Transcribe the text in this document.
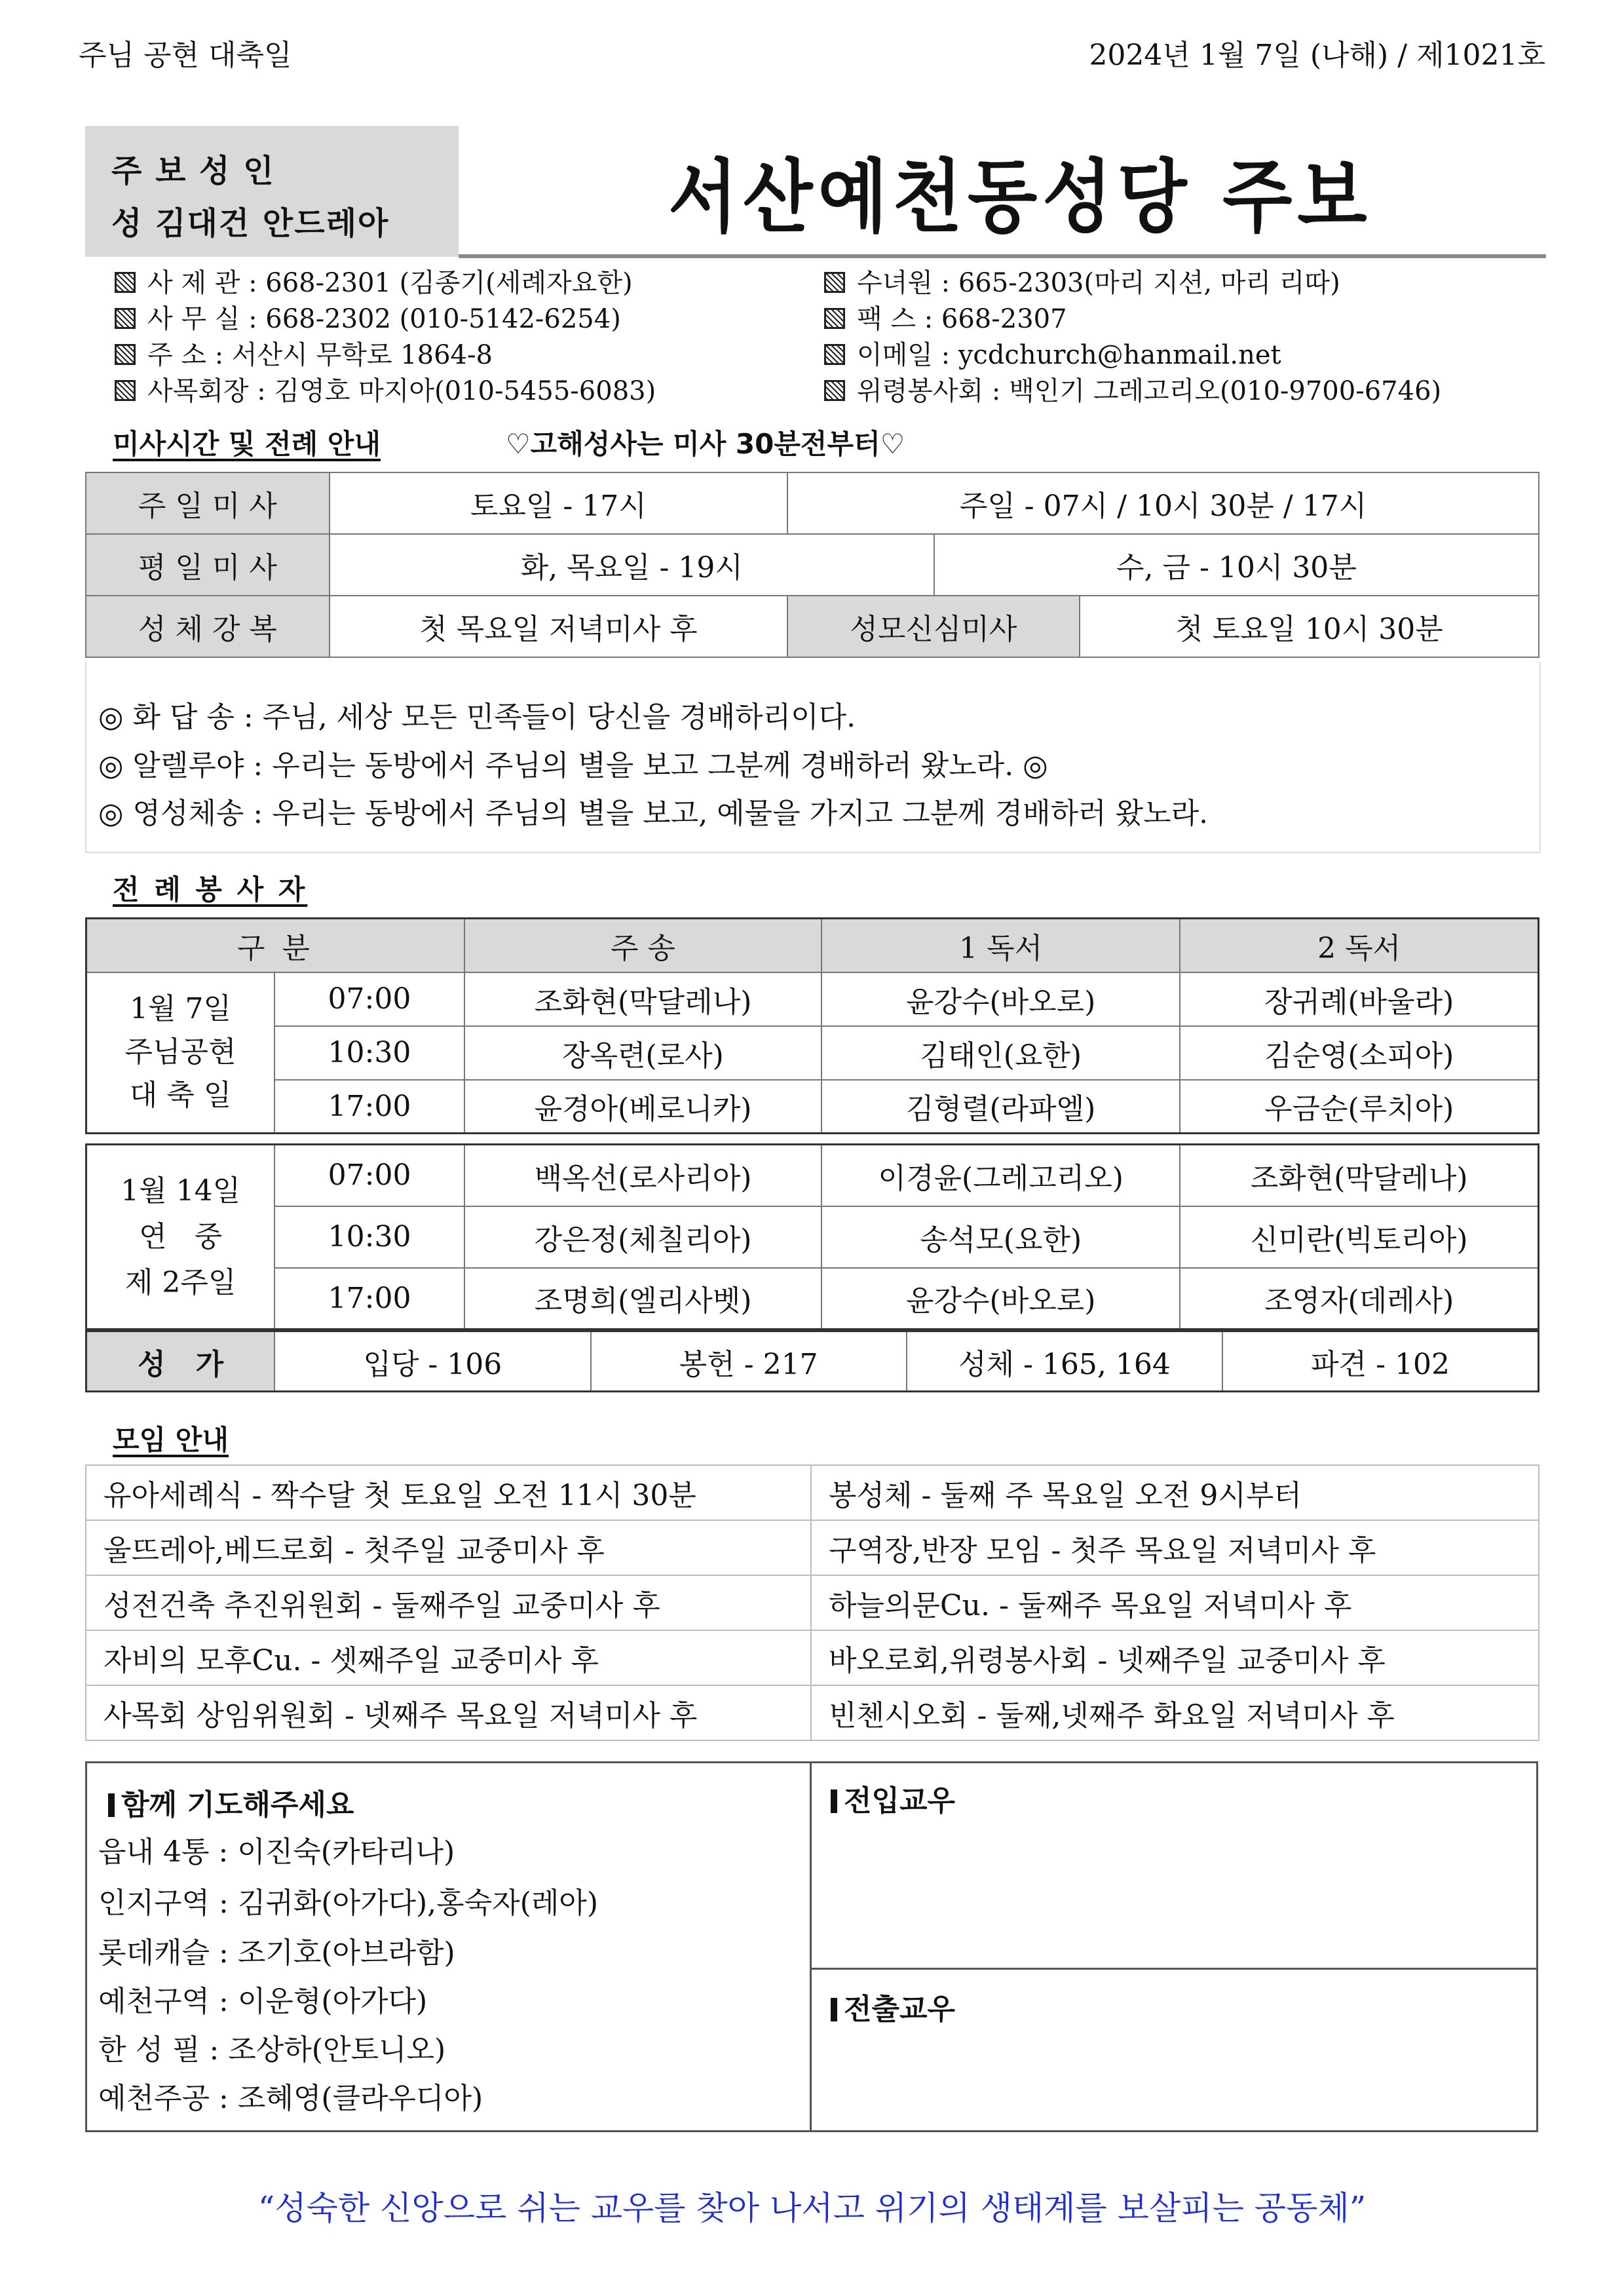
주님 공현 대축일	2024년 1월 7일 (나해) / 제1021호
주 보 성 인
성 김대건 안드레아	서산예천동성당 주보
사 제 관 : 668-2301 (김종기(세례자요한)
사 무 실 : 668-2302 (010-5142-6254)
주 소 : 서산시 무학로 1864-8
사목회장 : 김영호 마지아(010-5455-6083)
수녀원 : 665-2303(마리 지션, 마리 리따)
팩 스 : 668-2307
이메일 : ycdchurch@hanmail.net
위령봉사회 : 백인기 그레고리오(010-9700-6746)
미사시간 및 전례 안내	♡고해성사는 미사 30분전부터♡
주 일 미 사	토요일 - 17시	주일 - 07시 / 10시 30분 / 17시		
평 일 미 사	화, 목요일 - 19시		수, 금 - 10시 30분	
성 체 강 복	첫 목요일 저녁미사 후	성모신심미사		첫 토요일 10시 30분
◎ 화 답 송 : 주님, 세상 모든 민족들이 당신을 경배하리이다.
◎ 알렐루야 : 우리는 동방에서 주님의 별을 보고 그분께 경배하러 왔노라. ◎
◎ 영성체송 : 우리는 동방에서 주님의 별을 보고, 예물을 가지고 그분께 경배하러 왔노라.
전 례 봉 사 자
구 분		주 송	1 독서	2 독서

1월 7일
주님공현
대 축 일	07:00	조화현(막달레나)	윤강수(바오로)	장귀례(바울라)
	10:30	장옥련(로사)	김태인(요한)	김순영(소피아)
	17:00	윤경아(베로니카)	김형렬(라파엘)	우금순(루치아)
1월 14일
연   중
제 2주일	07:00	백옥선(로사리아)	이경윤(그레고리오)	조화현(막달레나)
	10:30	강은정(체칠리아)	송석모(요한)	신미란(빅토리아)
	17:00	조명희(엘리사벳)	윤강수(바오로)	조영자(데레사)
성   가	입당 - 106	봉헌 - 217	성체 - 165, 164	파견 - 102
모임 안내
유아세례식 - 짝수달 첫 토요일 오전 11시 30분	봉성체 - 둘째 주 목요일 오전 9시부터
울뜨레아,베드로회 - 첫주일 교중미사 후	구역장,반장 모임 - 첫주 목요일 저녁미사 후
성전건축 추진위원회 - 둘째주일 교중미사 후	하늘의문Cu. - 둘째주 목요일 저녁미사 후
자비의 모후Cu. - 셋째주일 교중미사 후	바오로회,위령봉사회 - 넷째주일 교중미사 후
사목회 상임위원회 - 넷째주 목요일 저녁미사 후	빈첸시오회 - 둘째,넷째주 화요일 저녁미사 후
함께 기도해주세요
읍내 4통 : 이진숙(카타리나)
인지구역 : 김귀화(아가다),홍숙자(레아)
롯데캐슬 : 조기호(아브라함)
예천구역 : 이운형(아가다)
한 성 필 : 조상하(안토니오)
예천주공 : 조혜영(클라우디아)
전입교우
전출교우
“성숙한 신앙으로 쉬는 교우를 찾아 나서고 위기의 생태계를 보살피는 공동체”
